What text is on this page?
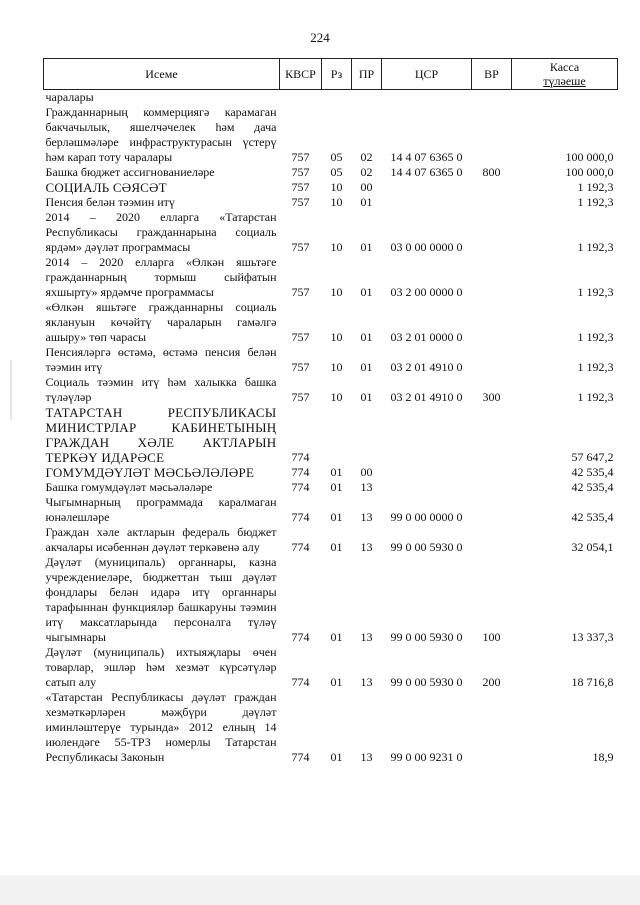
224
Исеме	КВСР	Рз	ПР	ЦСР	ВР	Касса
түләеше

чаралары						
Гражданнарның коммерциягә карамаган бакчачылык, яшелчәчелек һәм дача берләшмәләре инфраструктурасын үстерү һәм карап тоту чаралары	757	05	02	14 4 07 6365 0		100 000,0
Башка бюджет ассигнованиеләре	757	05	02	14 4 07 6365 0	800	100 000,0
СОЦИАЛЬ СӘЯСӘТ	757	10	00			1 192,3
Пенсия белән тәэмин итү	757	10	01			1 192,3
2014 – 2020 елларга «Татарстан Республикасы гражданнарына социаль ярдәм» дәүләт программасы	757	10	01	03 0 00 0000 0		1 192,3
2014 – 2020 елларга «Өлкән яшьтәге гражданнарның тормыш сыйфатын яхшырту» ярдәмче программасы	757	10	01	03 2 00 0000 0		1 192,3
«Өлкән яшьтәге гражданнарны социаль яклануын көчәйтү чараларын гамәлгә ашыру» төп чарасы	757	10	01	03 2 01 0000 0		1 192,3
Пенсияләргә өстәмә, өстәмә пенсия белән тәэмин итү	757	10	01	03 2 01 4910 0		1 192,3
Социаль тәэмин итү һәм халыкка башка түләүләр	757	10	01	03 2 01 4910 0	300	1 192,3
ТАТАРСТАН РЕСПУБЛИКАСЫ МИНИСТРЛАР КАБИНЕТЫНЫҢ ГРАЖДАН ХӘЛЕ АКТЛАРЫН ТЕРКӘҮ ИДАРӘСЕ	774					57 647,2
ГОМУМДӘҮЛӘТ МӘСЬӘЛӘЛӘРЕ	774	01	00			42 535,4
Башка гомумдәүләт мәсьәләләре	774	01	13			42 535,4
Чыгымнарның программада каралмаган юнәлешләре	774	01	13	99 0 00 0000 0		42 535,4
Граждан хәле актларын федераль бюджет акчалары исәбеннән дәүләт теркәвенә алу	774	01	13	99 0 00 5930 0		32 054,1
Дәүләт (муниципаль) органнары, казна учреждениеләре, бюджеттан тыш дәүләт фондлары белән идарә итү органнары тарафыннан функцияләр башкаруны тәэмин итү максатларында персоналга түләү чыгымнары	774	01	13	99 0 00 5930 0	100	13 337,3
Дәүләт (муниципаль) ихтыяҗлары өчен товарлар, эшләр һәм хезмәт күрсәтүләр сатып алу	774	01	13	99 0 00 5930 0	200	18 716,8
«Татарстан Республикасы дәүләт граждан хезмәткәрләрен мәҗбүри дәүләт иминләштерүе турында» 2012 елның 14 июлендәге 55-ТРЗ номерлы Татарстан Республикасы Законын	774	01	13	99 0 00 9231 0		18,9
